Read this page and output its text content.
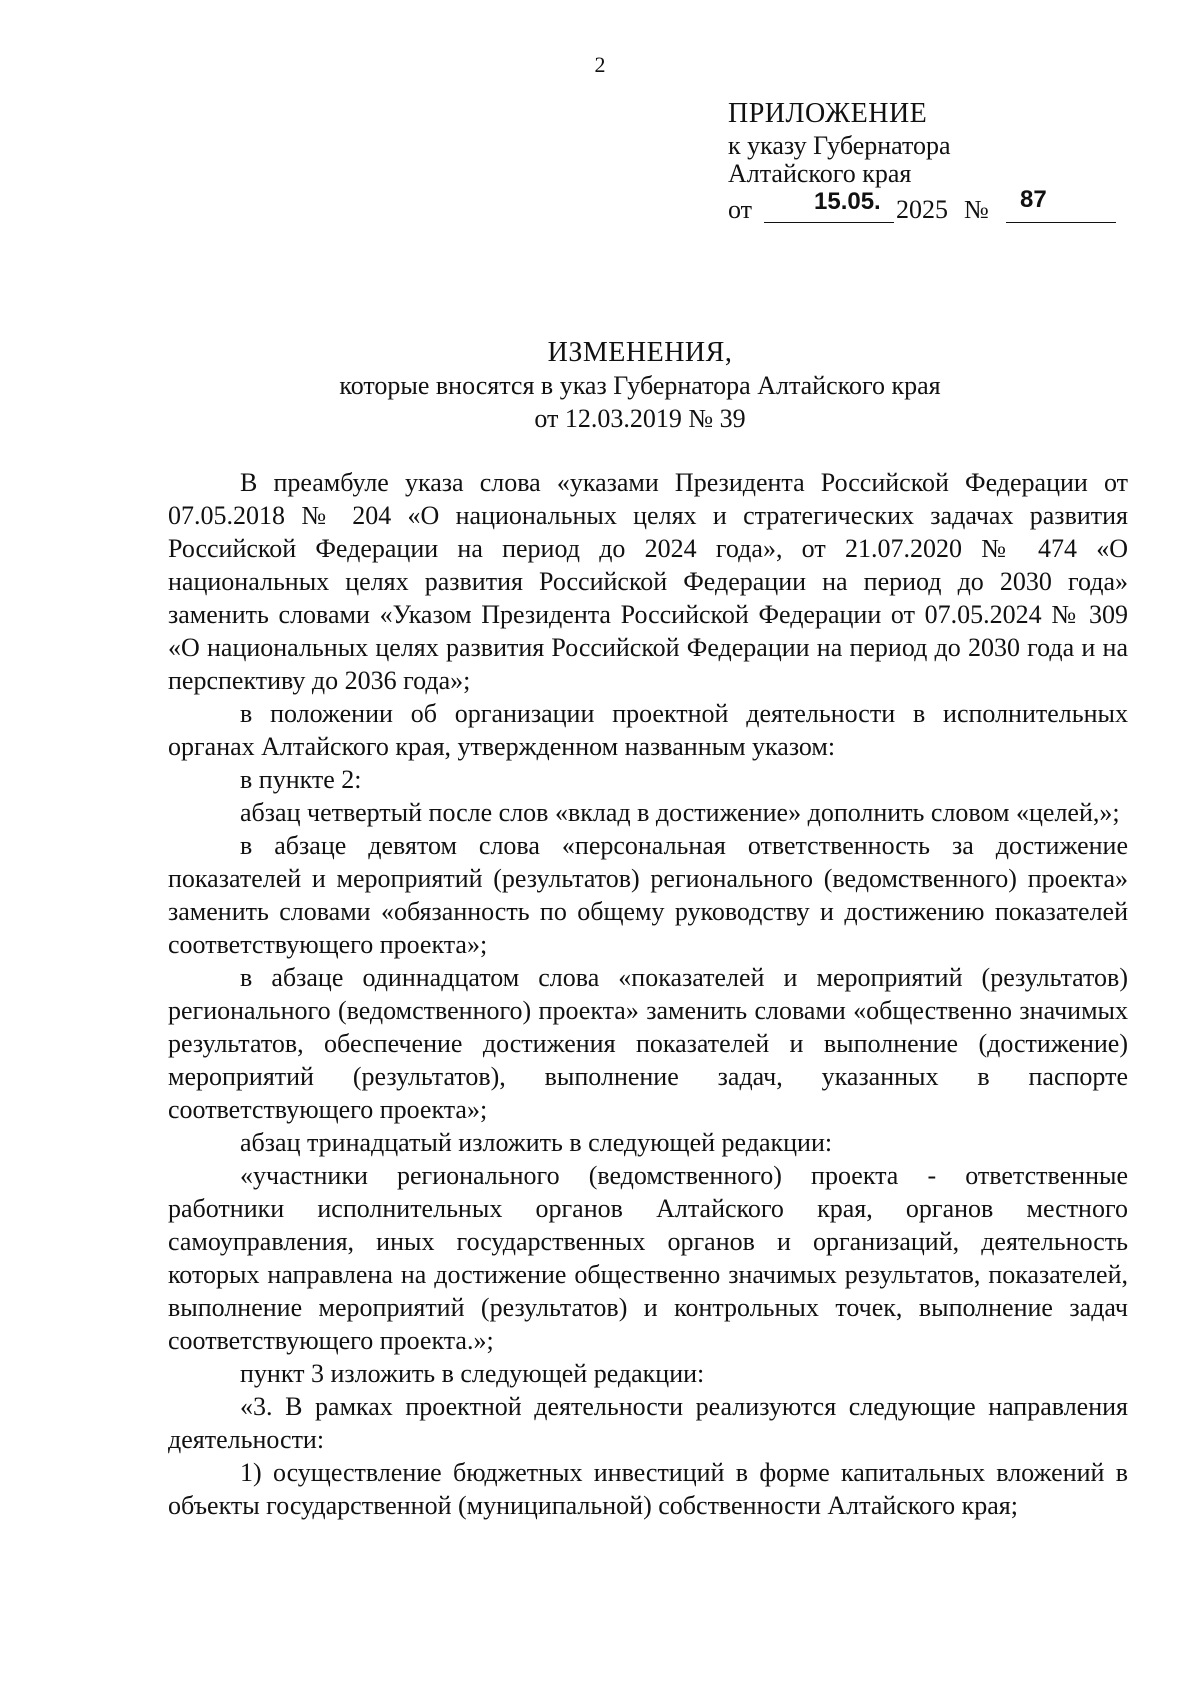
2
ПРИЛОЖЕНИЕ
к указу Губернатора
Алтайского края
от	15.05. 2025 № 87
ИЗМЕНЕНИЯ,
которые вносятся в указ Губернатора Алтайского края
от 12.03.2019 № 39

В преамбуле указа слова «указами Президента Российской Федерации от 07.05.2018 № 204 «О национальных целях и стратегических задачах развития Российской Федерации на период до 2024 года», от 21.07.2020 № 474 «О национальных целях развития Российской Федерации на период до 2030 года» заменить словами «Указом Президента Российской Федерации от 07.05.2024 № 309 «О национальных целях развития Российской Федерации на период до 2030 года и на перспективу до 2036 года»;

в положении об организации проектной деятельности в исполнительных органах Алтайского края, утвержденном названным указом:

в пункте 2:

абзац четвертый после слов «вклад в достижение» дополнить словом «целей,»;

в абзаце девятом слова «персональная ответственность за достижение показателей и мероприятий (результатов) регионального (ведомственного) проекта» заменить словами «обязанность по общему руководству и достижению показателей соответствующего проекта»;

в абзаце одиннадцатом слова «показателей и мероприятий (результатов) регионального (ведомственного) проекта» заменить словами «общественно значимых результатов, обеспечение достижения показателей и выполнение (достижение) мероприятий (результатов), выполнение задач, указанных в паспорте соответствующего проекта»;

абзац тринадцатый изложить в следующей редакции:

«участники регионального (ведомственного) проекта - ответственные работники исполнительных органов Алтайского края, органов местного самоуправления, иных государственных органов и организаций, деятельность которых направлена на достижение общественно значимых результатов, показателей, выполнение мероприятий (результатов) и контрольных точек, выполнение задач соответствующего проекта.»;

пункт 3 изложить в следующей редакции:

«3. В рамках проектной деятельности реализуются следующие направления деятельности:

1) осуществление бюджетных инвестиций в форме капитальных вложений в объекты государственной (муниципальной) собственности Алтайского края;
